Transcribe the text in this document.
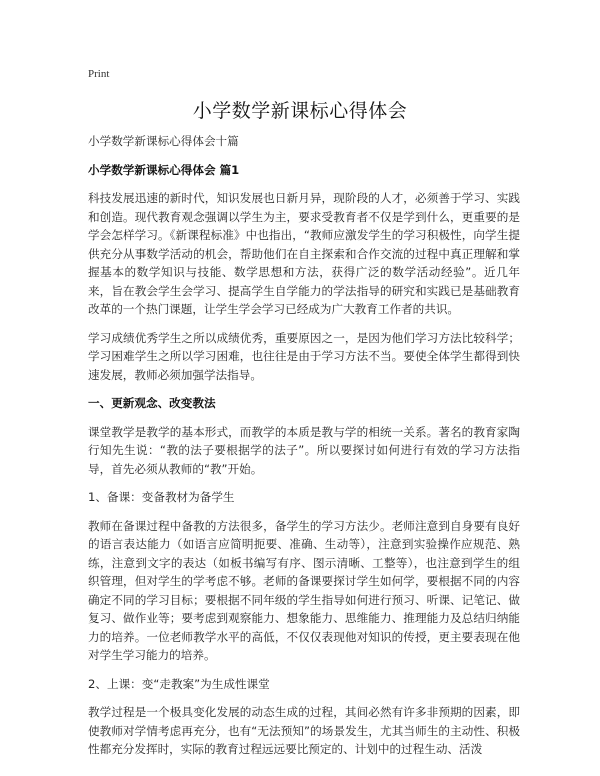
Print
小学数学新课标心得体会

小学数学新课标心得体会十篇

小学数学新课标心得体会 篇1

科技发展迅速的新时代，知识发展也日新月异，现阶段的人才，必须善于学习、实践和创造。现代教育观念强调以学生为主，要求受教育者不仅是学到什么，更重要的是学会怎样学习。《新课程标准》中也指出，“教师应激发学生的学习积极性，向学生提供充分从事数学活动的机会，帮助他们在自主探索和合作交流的过程中真正理解和掌握基本的数学知识与技能、数学思想和方法，获得广泛的数学活动经验”。近几年来，旨在教会学生会学习、提高学生自学能力的学法指导的研究和实践已是基础教育改革的一个热门课题，让学生学会学习已经成为广大教育工作者的共识。

学习成绩优秀学生之所以成绩优秀，重要原因之一，是因为他们学习方法比较科学；学习困难学生之所以学习困难，也往往是由于学习方法不当。要使全体学生都得到快速发展，教师必须加强学法指导。

一、更新观念、改变教法

课堂教学是教学的基本形式，而教学的本质是教与学的相统一关系。著名的教育家陶行知先生说：“教的法子要根据学的法子”。所以要探讨如何进行有效的学习方法指导，首先必须从教师的“教”开始。

1、备课：变备教材为备学生

教师在备课过程中备教的方法很多，备学生的学习方法少。老师注意到自身要有良好的语言表达能力（如语言应简明扼要、准确、生动等），注意到实验操作应规范、熟练，注意到文字的表达（如板书编写有序、图示清晰、工整等），也注意到学生的组织管理，但对学生的学考虑不够。老师的备课要探讨学生如何学，要根据不同的内容确定不同的学习目标；要根据不同年级的学生指导如何进行预习、听课、记笔记、做复习、做作业等；要考虑到观察能力、想象能力、思维能力、推理能力及总结归纳能力的培养。一位老师教学水平的高低，不仅仅表现他对知识的传授，更主要表现在他对学生学习能力的培养。

2、上课：变“走教案”为生成性课堂

教学过程是一个极具变化发展的动态生成的过程，其间必然有许多非预期的因素，即使教师对学情考虑再充分，也有“无法预知”的场景发生，尤其当师生的主动性、积极性都充分发挥时，实际的教育过程远远要比预定的、计划中的过程生动、活泼
